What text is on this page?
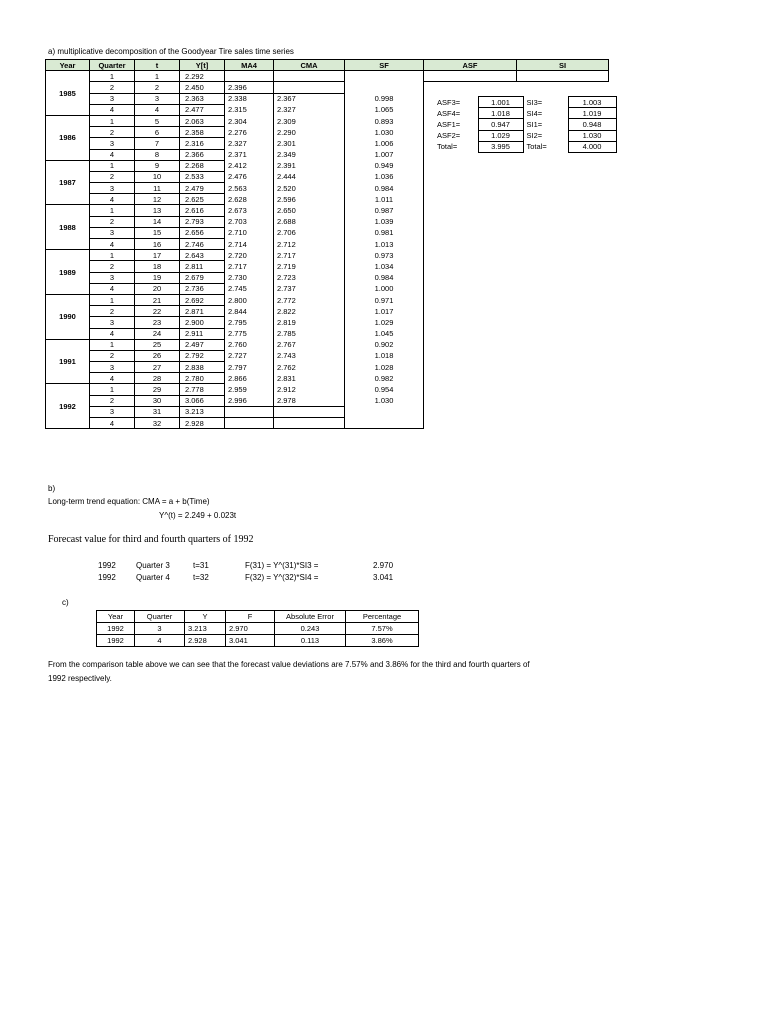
a) multiplicative decomposition of the Goodyear Tire sales time series
Year	Quarter	t	Y[t]	MA4	CMA	SF	ASF	SI
1985	1	1	2.292					
	2	2	2.450	2.396				
	3	3	2.363	2.338	2.367	0.998		
	4	4	2.477	2.315	2.327	1.065		
1986	1	5	2.063	2.304	2.309	0.893		
	2	6	2.358	2.276	2.290	1.030		
	3	7	2.316	2.327	2.301	1.006		
	4	8	2.366	2.371	2.349	1.007		
1987	1	9	2.268	2.412	2.391	0.949		
	2	10	2.533	2.476	2.444	1.036		
	3	11	2.479	2.563	2.520	0.984		
	4	12	2.625	2.628	2.596	1.011		
1988	1	13	2.616	2.673	2.650	0.987		
	2	14	2.793	2.703	2.688	1.039		
	3	15	2.656	2.710	2.706	0.981		
	4	16	2.746	2.714	2.712	1.013		
1989	1	17	2.643	2.720	2.717	0.973		
	2	18	2.811	2.717	2.719	1.034		
	3	19	2.679	2.730	2.723	0.984		
	4	20	2.736	2.745	2.737	1.000		
1990	1	21	2.692	2.800	2.772	0.971		
	2	22	2.871	2.844	2.822	1.017		
	3	23	2.900	2.795	2.819	1.029		
	4	24	2.911	2.775	2.785	1.045		
1991	1	25	2.497	2.760	2.767	0.902		
	2	26	2.792	2.727	2.743	1.018		
	3	27	2.838	2.797	2.762	1.028		
	4	28	2.780	2.866	2.831	0.982		
1992	1	29	2.778	2.959	2.912	0.954		
	2	30	3.066	2.996	2.978	1.030		
	3	31	3.213					
	4	32	2.928					
ASF3=	1.001	SI3=	1.003
ASF4=	1.018	SI4=	1.019
ASF1=	0.947	SI1=	0.948
ASF2=	1.029	SI2=	1.030
Total=	3.995	Total=	4.000
b)
Long-term trend equation: CMA = a + b(Time)
Y^(t) = 2.249 + 0.023t
Forecast value for third and fourth quarters of 1992
1992	Quarter 3	t=31	F(31) = Y^(31)*SI3 =	2.970
1992	Quarter 4	t=32	F(32) = Y^(32)*SI4 =	3.041
c)
Year	Quarter	Y	F	Absolute Error	Percentage
1992	3	3.213	2.970	0.243	7.57%
1992	4	2.928	3.041	0.113	3.86%
From the comparison table above we can see that the forecast value deviations are 7.57% and 3.86% for the third and fourth quarters of
1992 respectively.
